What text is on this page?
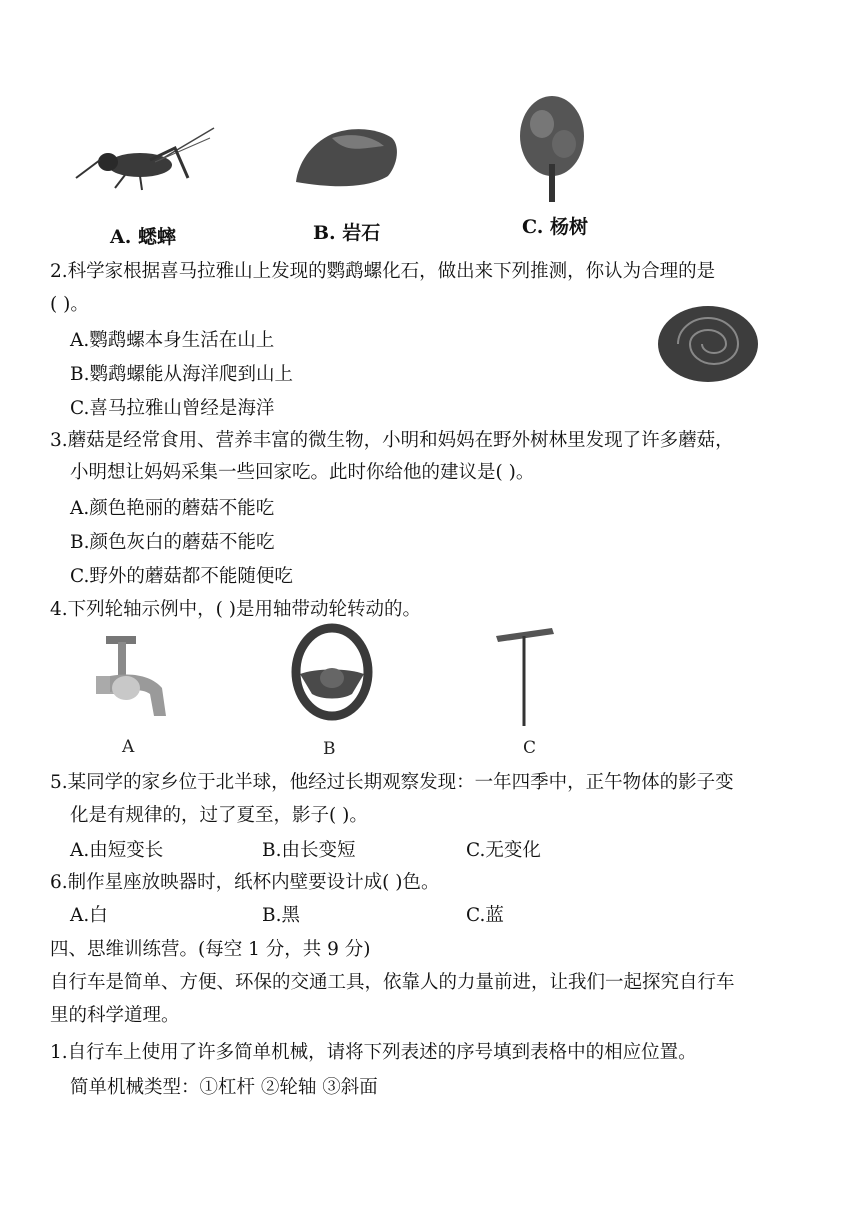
A. 蟋蟀	B. 岩石	C. 杨树
2.科学家根据喜马拉雅山上发现的鹦鹉螺化石，做出来下列推测，你认为合理的是
( )。
A.鹦鹉螺本身生活在山上
B.鹦鹉螺能从海洋爬到山上
C.喜马拉雅山曾经是海洋
3.蘑菇是经常食用、营养丰富的微生物，小明和妈妈在野外树林里发现了许多蘑菇，
小明想让妈妈采集一些回家吃。此时你给他的建议是( )。
A.颜色艳丽的蘑菇不能吃
B.颜色灰白的蘑菇不能吃
C.野外的蘑菇都不能随便吃
4.下列轮轴示例中，( )是用轴带动轮转动的。
A	B	C
5.某同学的家乡位于北半球，他经过长期观察发现：一年四季中，正午物体的影子变
化是有规律的，过了夏至，影子( )。
A.由短变长	B.由长变短	C.无变化
6.制作星座放映器时，纸杯内壁要设计成( )色。
A.白	B.黑	C.蓝
四、思维训练营。(每空 1 分，共 9 分)
自行车是简单、方便、环保的交通工具，依靠人的力量前进，让我们一起探究自行车
里的科学道理。
1.自行车上使用了许多简单机械，请将下列表述的序号填到表格中的相应位置。
简单机械类型：①杠杆 ②轮轴 ③斜面
